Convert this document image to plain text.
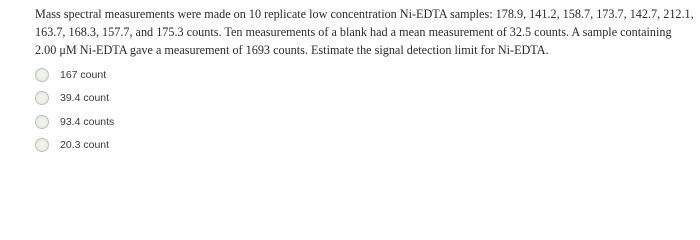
Mass spectral measurements were made on 10 replicate low concentration Ni-EDTA samples: 178.9, 141.2, 158.7, 173.7, 142.7, 212.1, 163.7, 168.3, 157.7, and 175.3 counts. Ten measurements of a blank had a mean measurement of 32.5 counts. A sample containing 2.00 μM Ni-EDTA gave a measurement of 1693 counts. Estimate the signal detection limit for Ni-EDTA.
167 count
39.4 count
93.4 counts
20.3 count
